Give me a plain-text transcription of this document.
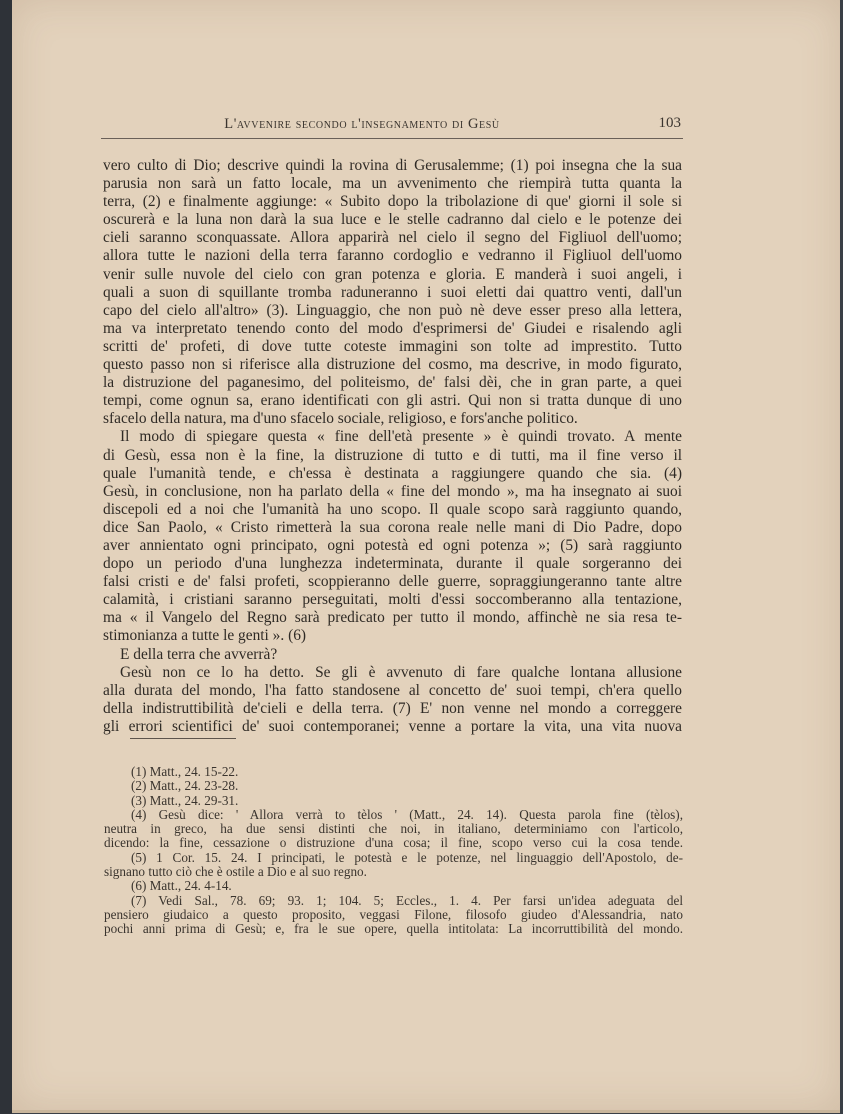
L'avvenire secondo l'insegnamento di Gesù	103
vero culto di Dio; descrive quindi la rovina di Gerusalemme; (1) poi insegna che la sua
parusia non sarà un fatto locale, ma un avvenimento che riempirà tutta quanta la
terra, (2) e finalmente aggiunge: « Subito dopo la tribolazione di que' giorni il sole si
oscurerà e la luna non darà la sua luce e le stelle cadranno dal cielo e le potenze dei
cieli saranno sconquassate. Allora apparirà nel cielo il segno del Figliuol dell'uomo;
allora tutte le nazioni della terra faranno cordoglio e vedranno il Figliuol dell'uomo
venir sulle nuvole del cielo con gran potenza e gloria. E manderà i suoi angeli, i
quali a suon di squillante tromba raduneranno i suoi eletti dai quattro venti, dall'un
capo del cielo all'altro» (3). Linguaggio, che non può nè deve esser preso alla lettera,
ma va interpretato tenendo conto del modo d'esprimersi de' Giudei e risalendo agli
scritti de' profeti, di dove tutte coteste immagini son tolte ad imprestito. Tutto
questo passo non si riferisce alla distruzione del cosmo, ma descrive, in modo figurato,
la distruzione del paganesimo, del politeismo, de' falsi dèi, che in gran parte, a quei
tempi, come ognun sa, erano identificati con gli astri. Qui non si tratta dunque di uno
sfacelo della natura, ma d'uno sfacelo sociale, religioso, e fors'anche politico.
Il modo di spiegare questa « fine dell'età presente » è quindi trovato. A mente
di Gesù, essa non è la fine, la distruzione di tutto e di tutti, ma il fine verso il
quale l'umanità tende, e ch'essa è destinata a raggiungere quando che sia. (4)
Gesù, in conclusione, non ha parlato della « fine del mondo », ma ha insegnato ai suoi
discepoli ed a noi che l'umanità ha uno scopo. Il quale scopo sarà raggiunto quando,
dice San Paolo, « Cristo rimetterà la sua corona reale nelle mani di Dio Padre, dopo
aver annientato ogni principato, ogni potestà ed ogni potenza »; (5) sarà raggiunto
dopo un periodo d'una lunghezza indeterminata, durante il quale sorgeranno dei
falsi cristi e de' falsi profeti, scoppieranno delle guerre, sopraggiungeranno tante altre
calamità, i cristiani saranno perseguitati, molti d'essi soccomberanno alla tentazione,
ma « il Vangelo del Regno sarà predicato per tutto il mondo, affinchè ne sia resa te-
stimonianza a tutte le genti ». (6)
E della terra che avverrà?
Gesù non ce lo ha detto. Se gli è avvenuto di fare qualche lontana allusione
alla durata del mondo, l'ha fatto standosene al concetto de' suoi tempi, ch'era quello
della indistruttibilità de'cieli e della terra. (7) E' non venne nel mondo a correggere
gli errori scientifici de' suoi contemporanei; venne a portare la vita, una vita nuova
(1) Matt., 24. 15-22.
(2) Matt., 24. 23-28.
(3) Matt., 24. 29-31.
(4) Gesù dice: ' Allora verrà to tèlos ' (Matt., 24. 14). Questa parola fine (tèlos),
neutra in greco, ha due sensi distinti che noi, in italiano, determiniamo con l'articolo,
dicendo: la fine, cessazione o distruzione d'una cosa; il fine, scopo verso cui la cosa tende.
(5) 1 Cor. 15. 24. I principati, le potestà e le potenze, nel linguaggio dell'Apostolo, de-
signano tutto ciò che è ostile a Dio e al suo regno.
(6) Matt., 24. 4-14.
(7) Vedi Sal., 78. 69; 93. 1; 104. 5; Eccles., 1. 4. Per farsi un'idea adeguata del
pensiero giudaico a questo proposito, veggasi Filone, filosofo giudeo d'Alessandria, nato
pochi anni prima di Gesù; e, fra le sue opere, quella intitolata: La incorruttibilità del mondo.
